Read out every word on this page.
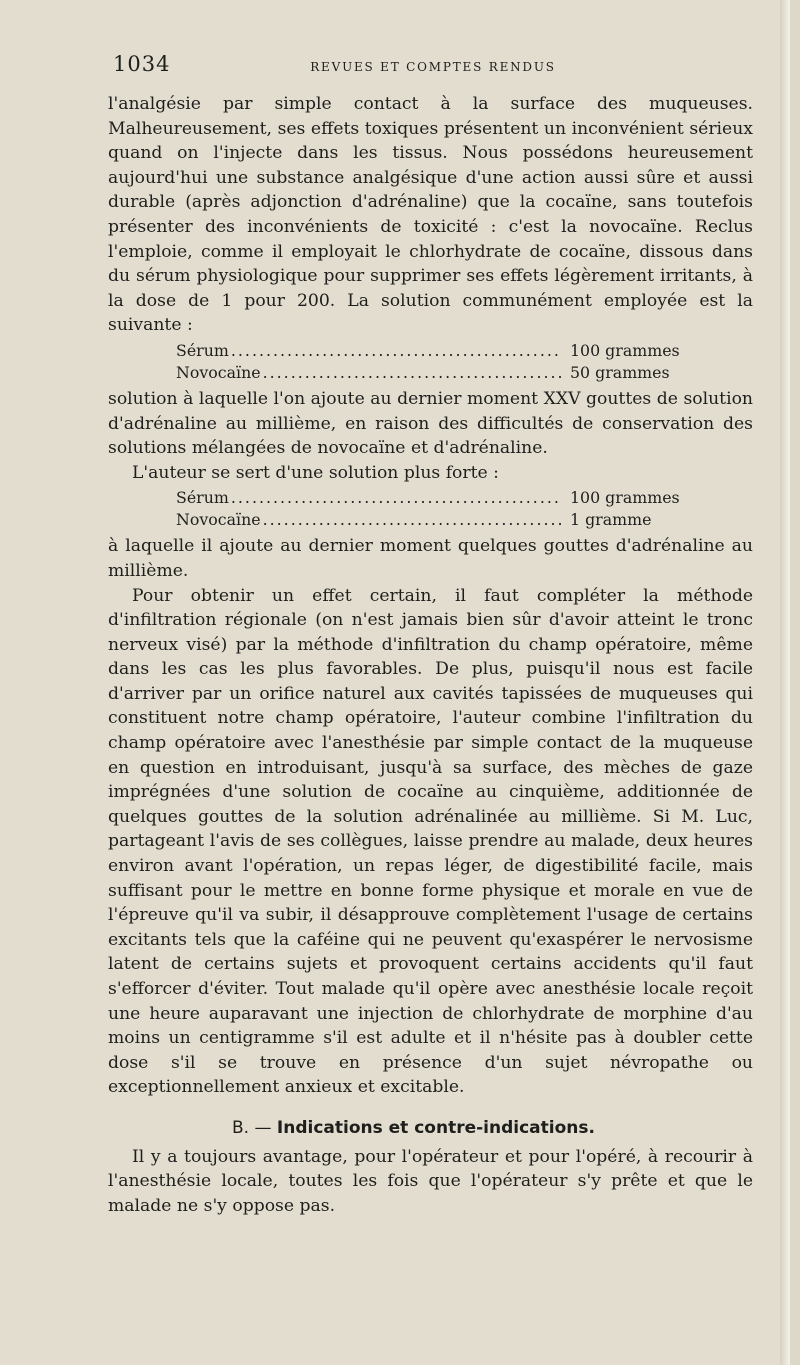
1034	REVUES ET COMPTES RENDUS

l'analgésie par simple contact à la surface des muqueuses. Malheureusement, ses effets toxiques présentent un inconvénient sérieux quand on l'injecte dans les tissus. Nous possédons heureusement aujourd'hui une substance analgésique d'une action aussi sûre et aussi durable (après adjonction d'adrénaline) que la cocaïne, sans toutefois présenter des inconvénients de toxicité : c'est la novocaïne. Reclus l'emploie, comme il employait le chlorhydrate de cocaïne, dissous dans du sérum physiologique pour supprimer ses effets légèrement irritants, à la dose de 1 pour 200. La solution communément employée est la suivante :

Sérum .....	100 grammes
Novocaïne .....	50 grammes

solution à laquelle l'on ajoute au dernier moment XXV gouttes de solution d'adrénaline au millième, en raison des difficultés de conservation des solutions mélangées de novocaïne et d'adrénaline.

L'auteur se sert d'une solution plus forte :

Sérum .....	100 grammes
Novocaïne .....	1 gramme

à laquelle il ajoute au dernier moment quelques gouttes d'adrénaline au millième.

Pour obtenir un effet certain, il faut compléter la méthode d'infiltration régionale (on n'est jamais bien sûr d'avoir atteint le tronc nerveux visé) par la méthode d'infiltration du champ opératoire, même dans les cas les plus favorables. De plus, puisqu'il nous est facile d'arriver par un orifice naturel aux cavités tapissées de muqueuses qui constituent notre champ opératoire, l'auteur combine l'infiltration du champ opératoire avec l'anesthésie par simple contact de la muqueuse en question en introduisant, jusqu'à sa surface, des mèches de gaze imprégnées d'une solution de cocaïne au cinquième, additionnée de quelques gouttes de la solution adrénalinée au millième. Si M. Luc, partageant l'avis de ses collègues, laisse prendre au malade, deux heures environ avant l'opération, un repas léger, de digestibilité facile, mais suffisant pour le mettre en bonne forme physique et morale en vue de l'épreuve qu'il va subir, il désapprouve complètement l'usage de certains excitants tels que la caféine qui ne peuvent qu'exaspérer le nervosisme latent de certains sujets et provoquent certains accidents qu'il faut s'efforcer d'éviter. Tout malade qu'il opère avec anesthésie locale reçoit une heure auparavant une injection de chlorhydrate de morphine d'au moins un centigramme s'il est adulte et il n'hésite pas à doubler cette dose s'il se trouve en présence d'un sujet névropathe ou exceptionnellement anxieux et excitable.

B. — Indications et contre-indications.

Il y a toujours avantage, pour l'opérateur et pour l'opéré, à recourir à l'anesthésie locale, toutes les fois que l'opérateur s'y prête et que le malade ne s'y oppose pas.
